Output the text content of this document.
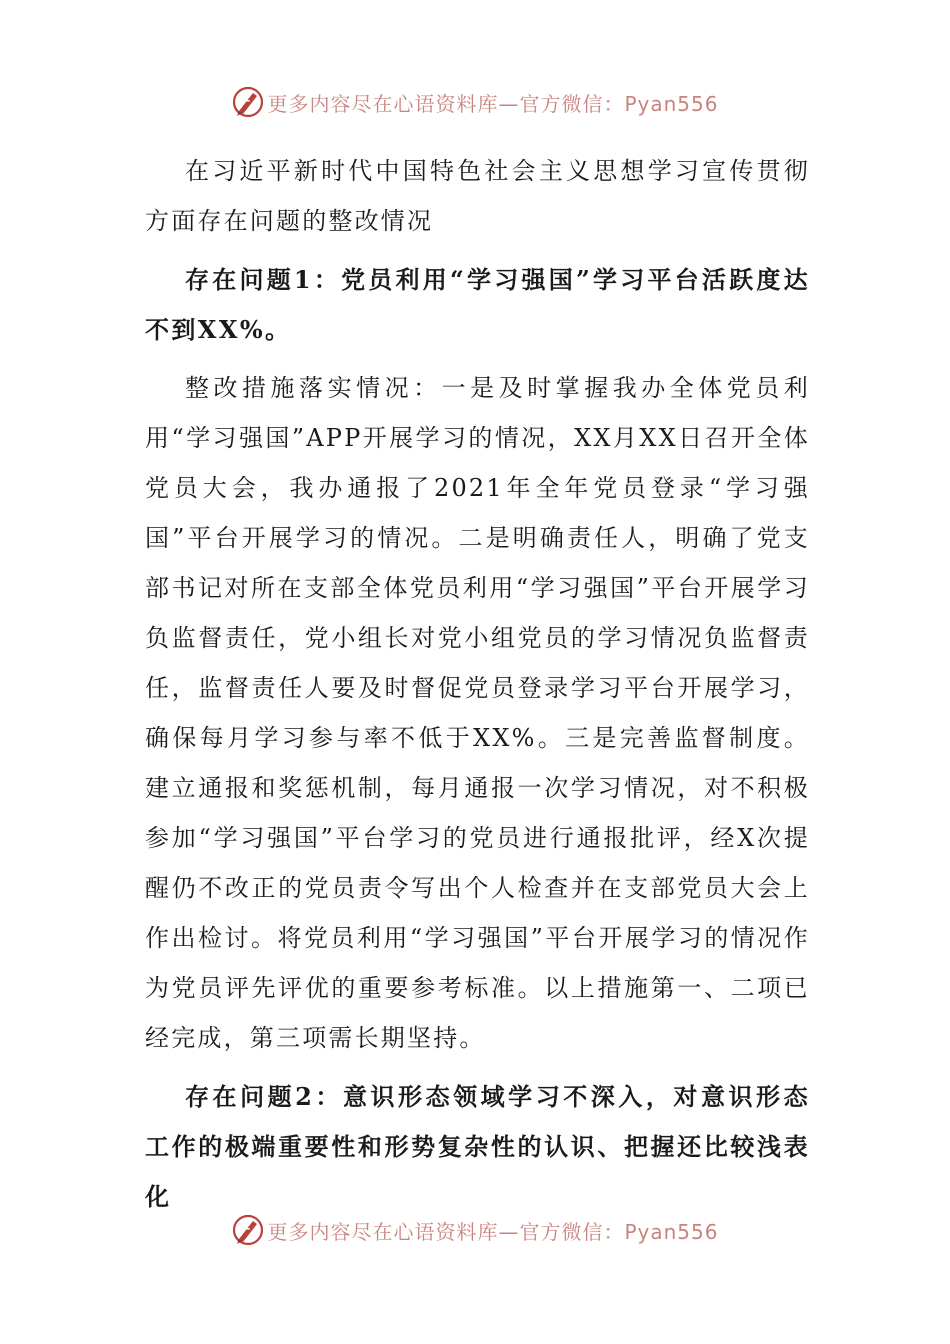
更多内容尽在心语资料库—官方微信：Pyan556

在习近平新时代中国特色社会主义思想学习宣传贯彻方面存在问题的整改情况

存在问题1：党员利用“学习强国”学习平台活跃度达不到XX%。

整改措施落实情况：一是及时掌握我办全体党员利用“学习强国”APP开展学习的情况，XX月XX日召开全体党员大会，我办通报了2021年全年党员登录“学习强国”平台开展学习的情况。二是明确责任人，明确了党支部书记对所在支部全体党员利用“学习强国”平台开展学习负监督责任，党小组长对党小组党员的学习情况负监督责任，监督责任人要及时督促党员登录学习平台开展学习，确保每月学习参与率不低于XX%。三是完善监督制度。建立通报和奖惩机制，每月通报一次学习情况，对不积极参加“学习强国”平台学习的党员进行通报批评，经X次提醒仍不改正的党员责令写出个人检查并在支部党员大会上作出检讨。将党员利用“学习强国”平台开展学习的情况作为党员评先评优的重要参考标准。以上措施第一、二项已经完成，第三项需长期坚持。

存在问题2：意识形态领域学习不深入，对意识形态工作的极端重要性和形势复杂性的认识、把握还比较浅表化

更多内容尽在心语资料库—官方微信：Pyan556
